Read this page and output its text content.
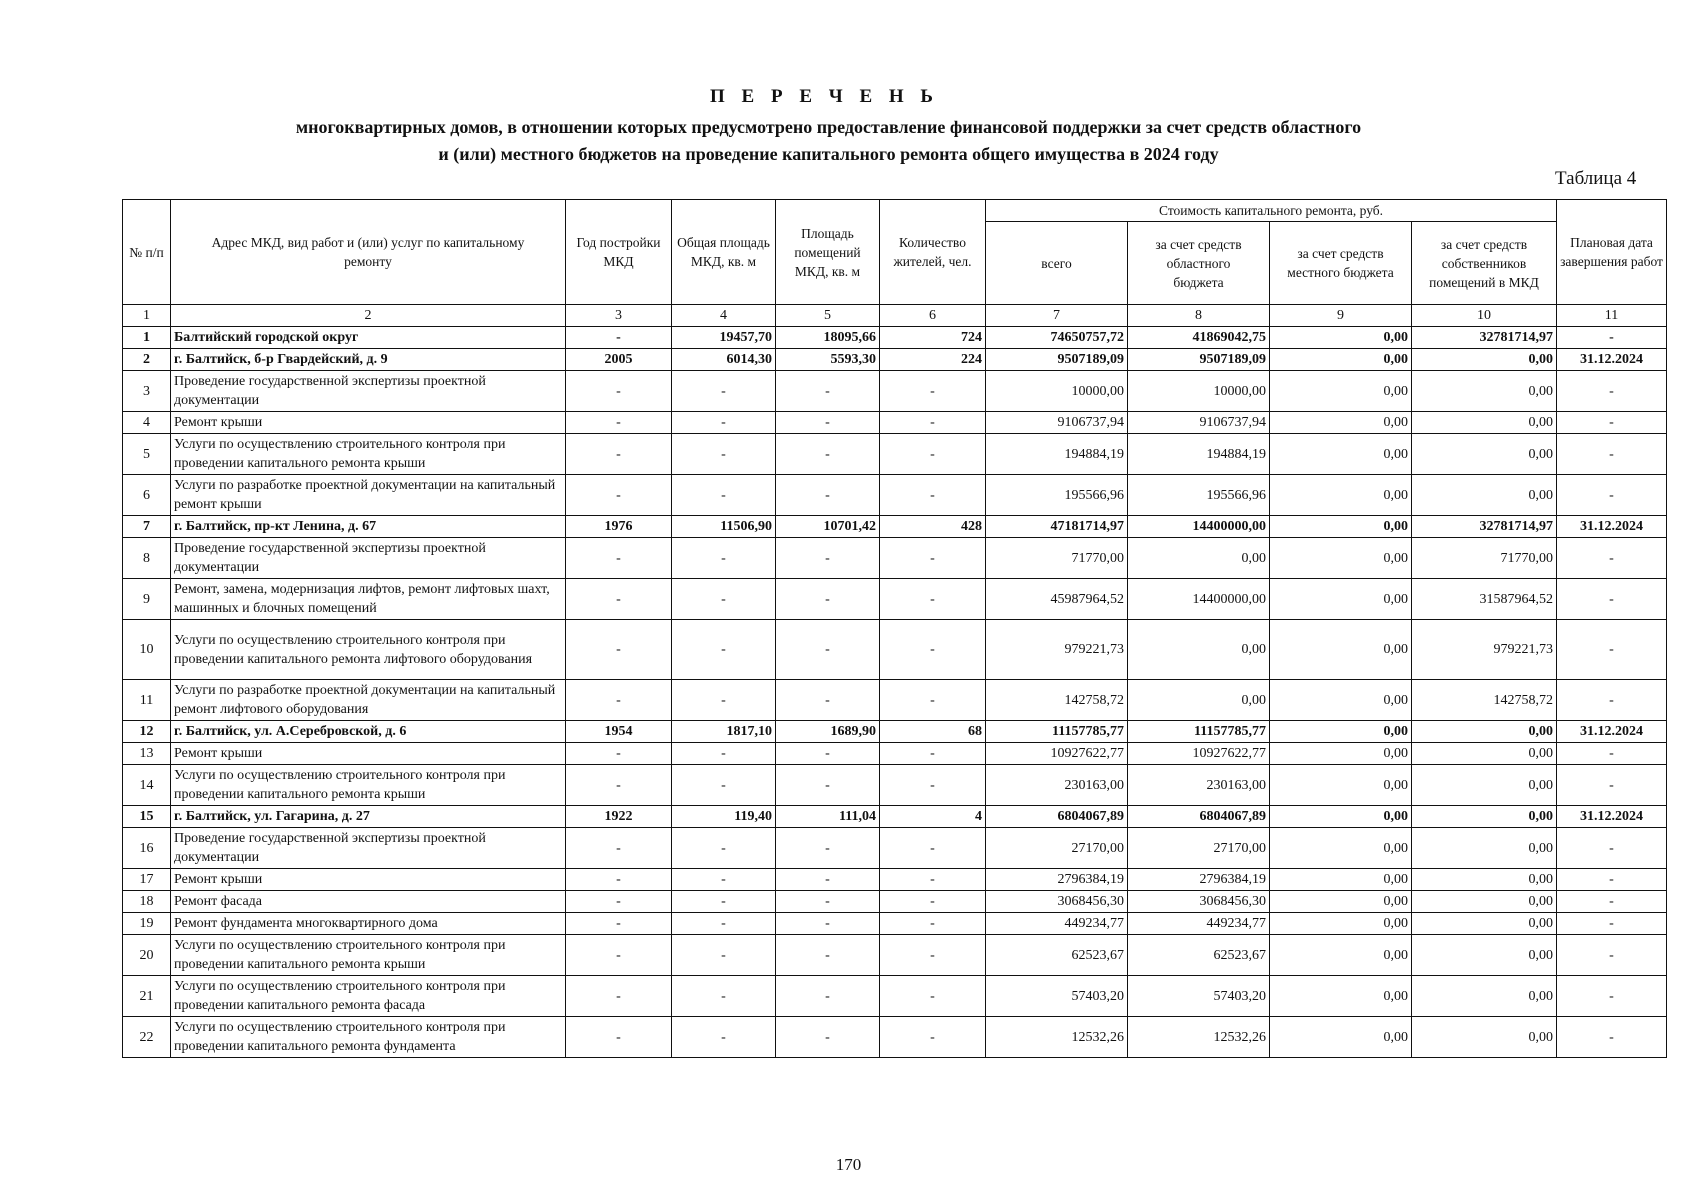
П Е Р Е Ч Е Н Ь
многоквартирных домов, в отношении которых предусмотрено предоставление финансовой поддержки за счет средств областного
и (или) местного бюджетов на проведение капитального ремонта общего имущества в 2024 году
Таблица 4
№ п/п	Адрес МКД, вид работ и (или) услуг по капитальному ремонту	Год постройки МКД	Общая площадь МКД, кв. м	Площадь помещений МКД, кв. м	Количество жителей, чел.	Стоимость капитального ремонта, руб.				Плановая дата завершения работ
						всего	за счет средств областного бюджета	за счет средств местного бюджета	за счет средств собственников помещений в МКД	
1	2	3	4	5	6	7	8	9	10	11
1	Балтийский городской округ	-	19457,70	18095,66	724	74650757,72	41869042,75	0,00	32781714,97	-
2	г. Балтийск, б-р Гвардейский, д. 9	2005	6014,30	5593,30	224	9507189,09	9507189,09	0,00	0,00	31.12.2024
3	Проведение государственной экспертизы проектной документации	-	-	-	-	10000,00	10000,00	0,00	0,00	-
4	Ремонт крыши	-	-	-	-	9106737,94	9106737,94	0,00	0,00	-
5	Услуги по осуществлению строительного контроля при проведении капитального ремонта крыши	-	-	-	-	194884,19	194884,19	0,00	0,00	-
6	Услуги по разработке проектной документации на капитальный ремонт крыши	-	-	-	-	195566,96	195566,96	0,00	0,00	-
7	г. Балтийск, пр-кт Ленина, д. 67	1976	11506,90	10701,42	428	47181714,97	14400000,00	0,00	32781714,97	31.12.2024
8	Проведение государственной экспертизы проектной документации	-	-	-	-	71770,00	0,00	0,00	71770,00	-
9	Ремонт, замена, модернизация лифтов, ремонт лифтовых шахт, машинных и блочных помещений	-	-	-	-	45987964,52	14400000,00	0,00	31587964,52	-
10	Услуги по осуществлению строительного контроля при проведении капитального ремонта лифтового оборудования	-	-	-	-	979221,73	0,00	0,00	979221,73	-
11	Услуги по разработке проектной документации на капитальный ремонт лифтового оборудования	-	-	-	-	142758,72	0,00	0,00	142758,72	-
12	г. Балтийск, ул. А.Серебровской, д. 6	1954	1817,10	1689,90	68	11157785,77	11157785,77	0,00	0,00	31.12.2024
13	Ремонт крыши	-	-	-	-	10927622,77	10927622,77	0,00	0,00	-
14	Услуги по осуществлению строительного контроля при проведении капитального ремонта крыши	-	-	-	-	230163,00	230163,00	0,00	0,00	-
15	г. Балтийск, ул. Гагарина, д. 27	1922	119,40	111,04	4	6804067,89	6804067,89	0,00	0,00	31.12.2024
16	Проведение государственной экспертизы проектной документации	-	-	-	-	27170,00	27170,00	0,00	0,00	-
17	Ремонт крыши	-	-	-	-	2796384,19	2796384,19	0,00	0,00	-
18	Ремонт фасада	-	-	-	-	3068456,30	3068456,30	0,00	0,00	-
19	Ремонт фундамента многоквартирного дома	-	-	-	-	449234,77	449234,77	0,00	0,00	-
20	Услуги по осуществлению строительного контроля при проведении капитального ремонта крыши	-	-	-	-	62523,67	62523,67	0,00	0,00	-
21	Услуги по осуществлению строительного контроля при проведении капитального ремонта фасада	-	-	-	-	57403,20	57403,20	0,00	0,00	-
22	Услуги по осуществлению строительного контроля при проведении капитального ремонта фундамента	-	-	-	-	12532,26	12532,26	0,00	0,00	-
170
